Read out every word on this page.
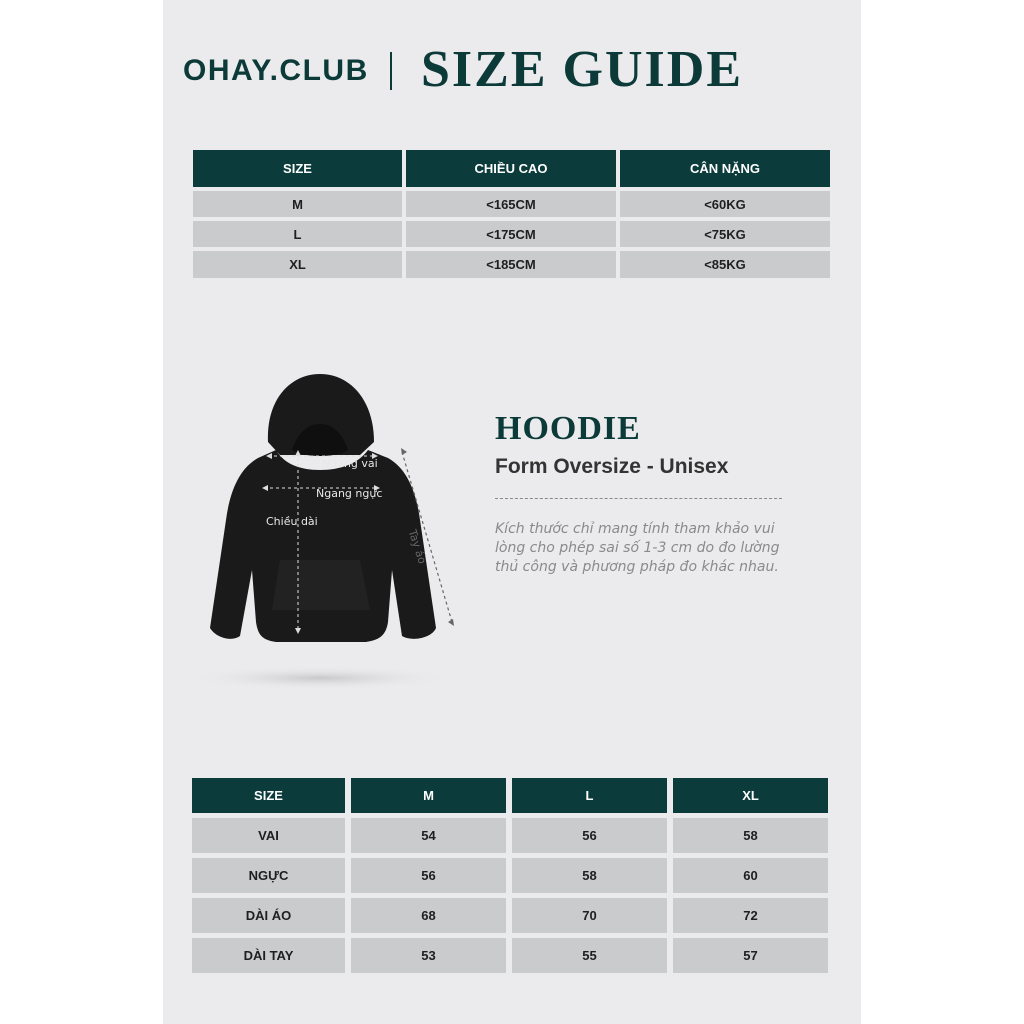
OHAY.CLUB SIZE GUIDE
SIZE	CHIỀU CAO	CÂN NẶNG
M	<165CM	<60KG
L	<175CM	<75KG
XL	<185CM	<85KG
Ngang vai
Ngang ngực
Chiều dài
Tay áo
HOODIE
Form Oversize - Unisex
Kích thước chỉ mang tính tham khảo vui lòng cho phép sai số 1-3 cm do đo lường thủ công và phương pháp đo khác nhau.
SIZE	M	L	XL
VAI	54	56	58
NGỰC	56	58	60
DÀI ÁO	68	70	72
DÀI TAY	53	55	57
